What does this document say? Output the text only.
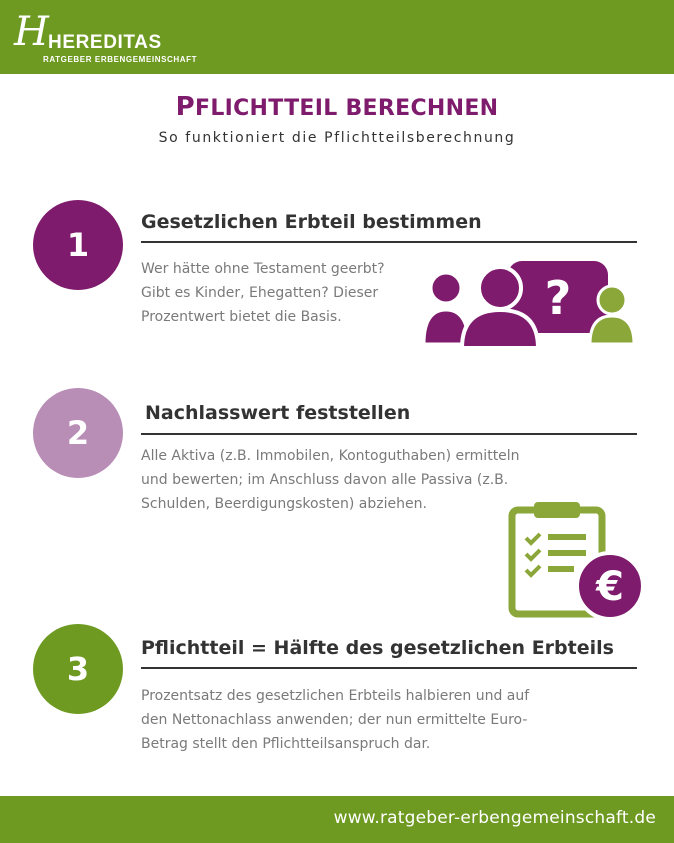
H HEREDITAS
RATGEBER ERBENGEMEINSCHAFT
PFLICHTTEIL BERECHNEN
So funktioniert die Pflichtteilsberechnung
1
Gesetzlichen Erbteil bestimmen
Wer hätte ohne Testament geerbt?
Gibt es Kinder, Ehegatten? Dieser
Prozentwert bietet die Basis.	?
2
Nachlasswert feststellen
Alle Aktiva (z.B. Immobilen, Kontoguthaben) ermitteln
und bewerten; im Anschluss davon alle Passiva (z.B.
Schulden, Beerdigungskosten) abziehen.
€
3
Pflichtteil = Hälfte des gesetzlichen Erbteils
Prozentsatz des gesetzlichen Erbteils halbieren und auf
den Nettonachlass anwenden; der nun ermittelte Euro-
Betrag stellt den Pflichtteilsanspruch dar.
www.ratgeber-erbengemeinschaft.de
